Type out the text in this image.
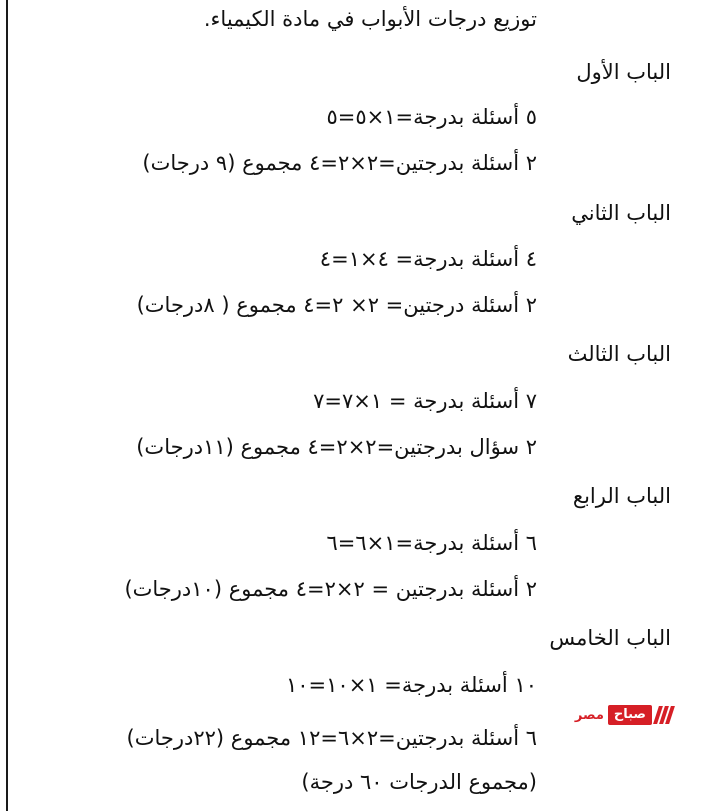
توزيع درجات الأبواب في مادة الكيمياء.
الباب الأول
٥ أسئلة بدرجة=١×٥=٥
٢ أسئلة بدرجتين=٢×٢=٤ مجموع (٩ درجات)
الباب الثاني
٤ أسئلة بدرجة= ٤×١=٤
٢ أسئلة درجتين= ٢× ٢=٤ مجموع ( ٨درجات)
الباب الثالث
٧ أسئلة بدرجة = ١×٧=٧
٢ سؤال بدرجتين=٢×٢=٤ مجموع (١١درجات)
الباب الرابع
٦ أسئلة بدرجة=١×٦=٦
٢ أسئلة بدرجتين = ٢×٢=٤ مجموع (١٠درجات)
الباب الخامس
١٠ أسئلة بدرجة= ١×١٠=١٠
٦ أسئلة بدرجتين=٢×٦=١٢ مجموع (٢٢درجات)
(مجموع الدرجات ٦٠ درجة)
صباح
مصر
